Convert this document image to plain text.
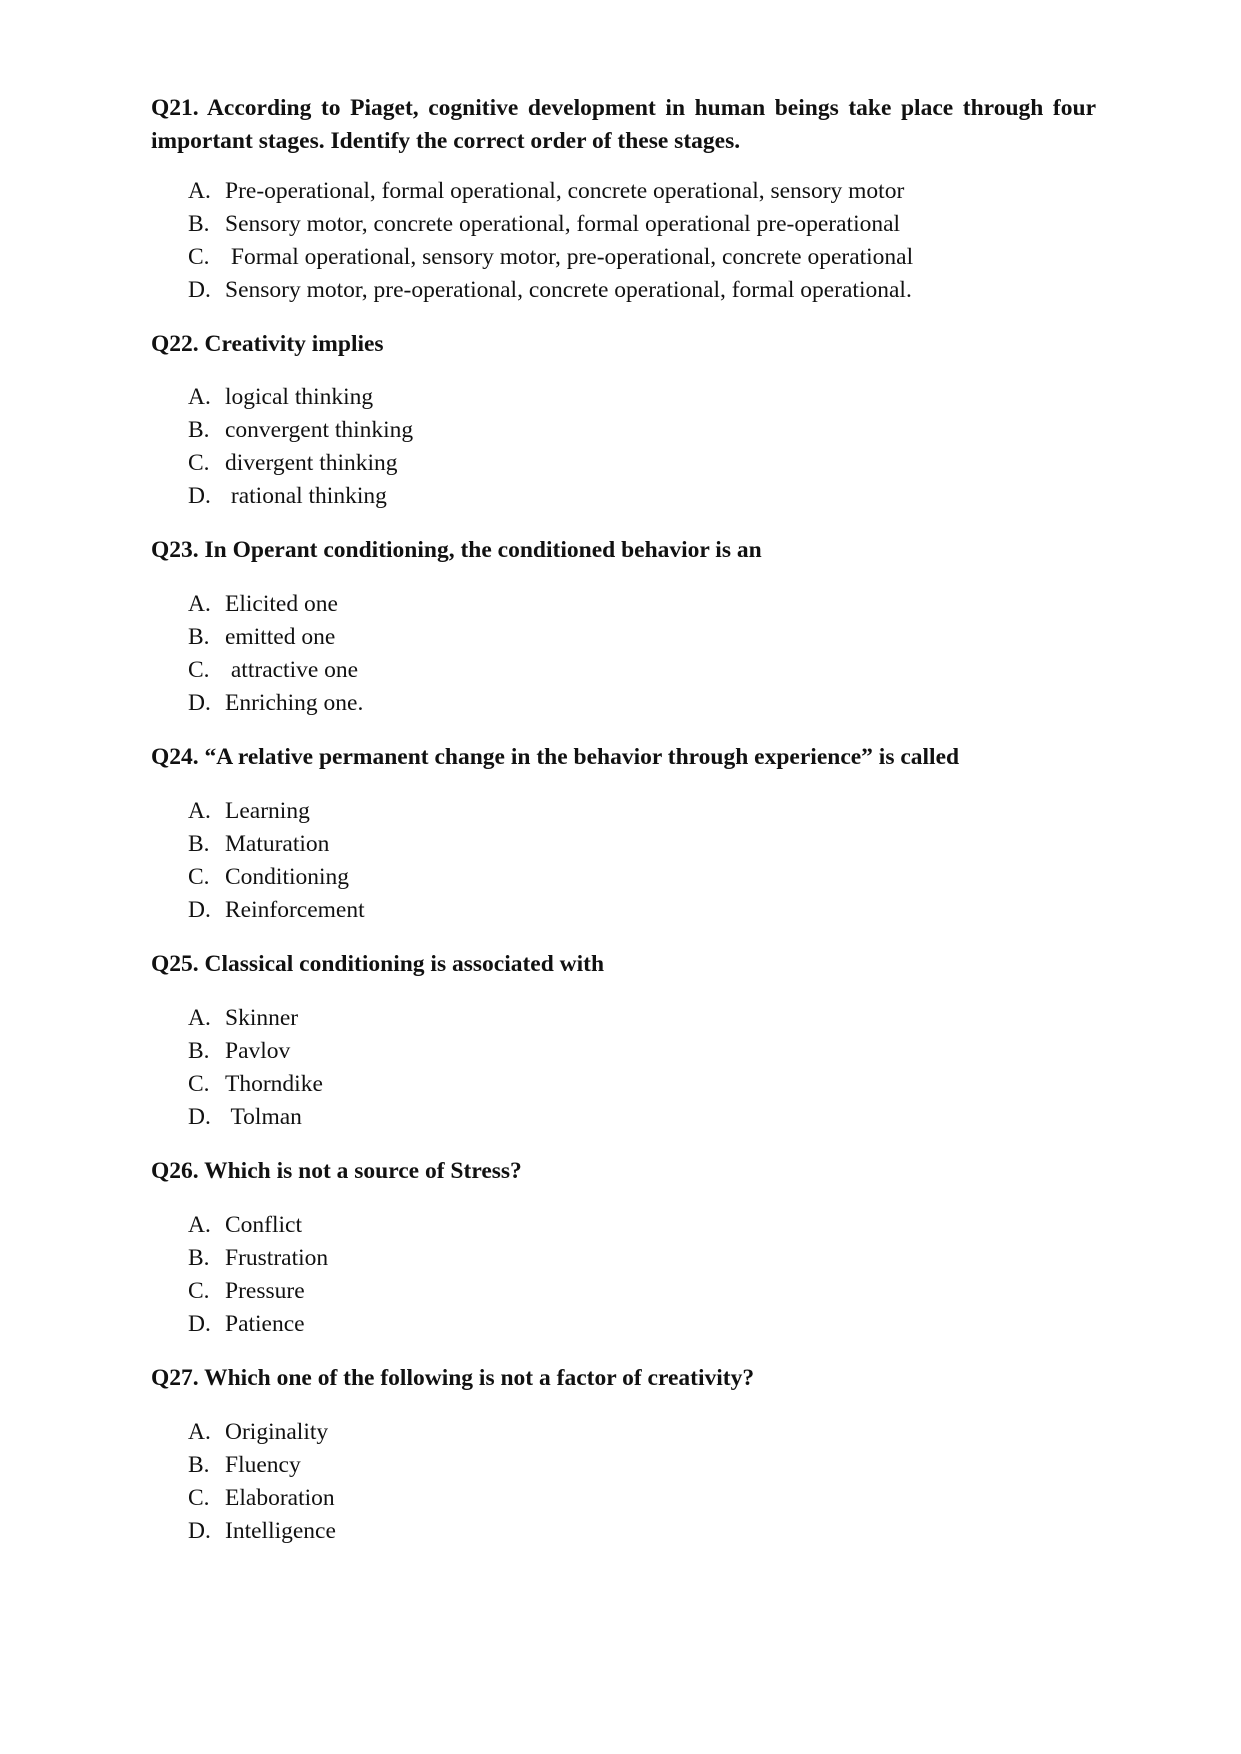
Q21. According to Piaget, cognitive development in human beings take place through four important stages. Identify the correct order of these stages.

A. Pre-operational, formal operational, concrete operational, sensory motor
B. Sensory motor, concrete operational, formal operational pre-operational
C. Formal operational, sensory motor, pre-operational, concrete operational
D. Sensory motor, pre-operational, concrete operational, formal operational.

Q22. Creativity implies

A. logical thinking
B. convergent thinking
C. divergent thinking
D. rational thinking

Q23. In Operant conditioning, the conditioned behavior is an

A. Elicited one
B. emitted one
C. attractive one
D. Enriching one.

Q24. “A relative permanent change in the behavior through experience” is called

A. Learning
B. Maturation
C. Conditioning
D. Reinforcement

Q25. Classical conditioning is associated with

A. Skinner
B. Pavlov
C. Thorndike
D. Tolman

Q26. Which is not a source of Stress?

A. Conflict
B. Frustration
C. Pressure
D. Patience

Q27. Which one of the following is not a factor of creativity?

A. Originality
B. Fluency
C. Elaboration
D. Intelligence
